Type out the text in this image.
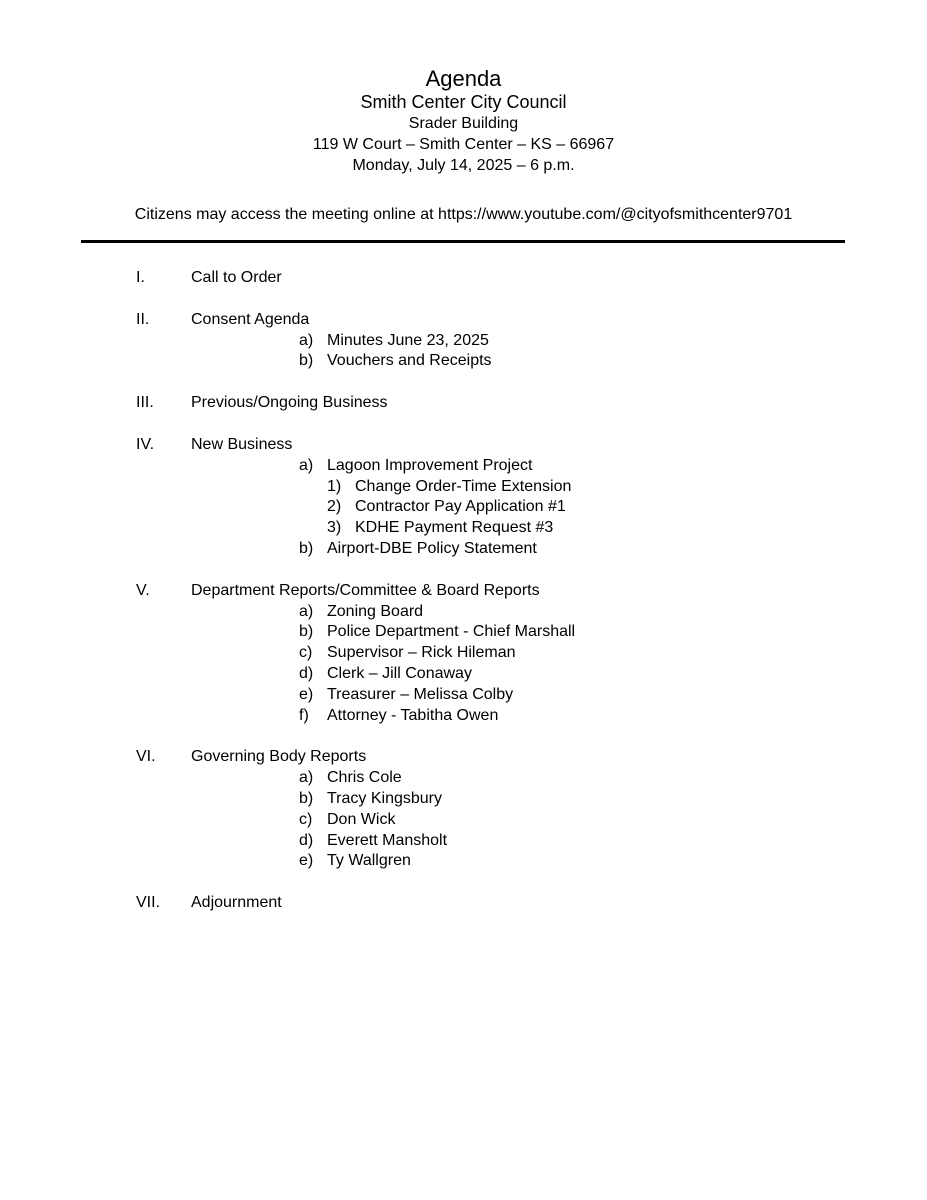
Agenda
Smith Center City Council
Srader Building
119 W Court – Smith Center – KS – 66967
Monday, July 14, 2025 – 6 p.m.
Citizens may access the meeting online at https://www.youtube.com/@cityofsmithcenter9701
I.	Call to Order
II.	Consent Agenda
a) Minutes June 23, 2025
b) Vouchers and Receipts
III. Previous/Ongoing Business
IV. New Business
a) Lagoon Improvement Project
1) Change Order-Time Extension
2) Contractor Pay Application #1
3) KDHE Payment Request #3
b) Airport-DBE Policy Statement
V.	Department Reports/Committee & Board Reports
a) Zoning Board
b) Police Department - Chief Marshall
c) Supervisor – Rick Hileman
d) Clerk – Jill Conaway
e) Treasurer – Melissa Colby
f) Attorney - Tabitha Owen
VI. Governing Body Reports
a) Chris Cole
b) Tracy Kingsbury
c) Don Wick
d) Everett Mansholt
e) Ty Wallgren
VII. Adjournment
